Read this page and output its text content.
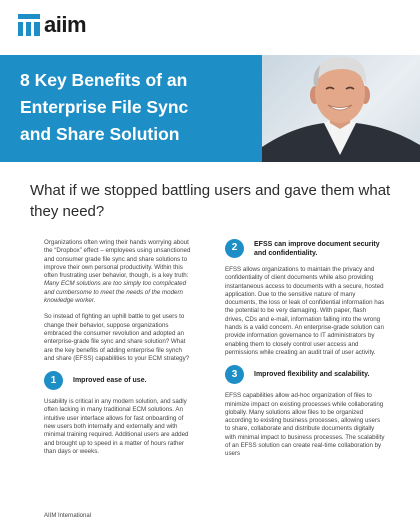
aiim
8 Key Benefits of an
Enterprise File Sync
and Share Solution
What if we stopped battling users and gave them what they need?

Organizations often wring their hands worrying about the “Dropbox” effect – employees using unsanctioned and consumer grade file sync and share solutions to improve their own personal productivity. Within this often frustrating user behavior, though, is a key truth: Many ECM solutions are too simply too complicated and cumbersome to meet the needs of the modern knowledge worker.

So instead of fighting an uphill battle to get users to change their behavior, suppose organizations embraced the consumer revolution and adopted an enterprise-grade file sync and share solution? What are the key benefits of adding enterprise file synch and share (EFSS) capabilities to your ECM strategy?

1	Improved ease of use.

Usability is critical in any modern solution, and sadly often lacking in many traditional ECM solutions. An intuitive user interface allows for fast onboarding of new users both internally and externally and with minimal training required. Additional users are added and brought up to speed in a matter of hours rather than days or weeks.

2	EFSS can improve document security and confidentiality.

EFSS allows organizations to maintain the privacy and confidentiality of client documents while also providing instantaneous access to documents with a secure, hosted application. Due to the sensitive nature of many documents, the loss or leak of confidential information has the potential to be very damaging. With paper, flash drives, CDs and e-mail, information falling into the wrong hands is a valid concern. An enterprise-grade solution can provide information governance to IT administrators by enabling them to closely control user access and permissions while creating an audit trail of user activity.

3	Improved flexibility and scalability.

EFSS capabilities allow ad-hoc organization of files to minimize impact on existing processes while collaborating globally. Many solutions allow files to be organized according to existing business processes, allowing users to share, collaborate and distribute documents digitally with minimal impact to business processes. The scalability of an EFSS solution can create real-time collaboration by users

AIIM International
